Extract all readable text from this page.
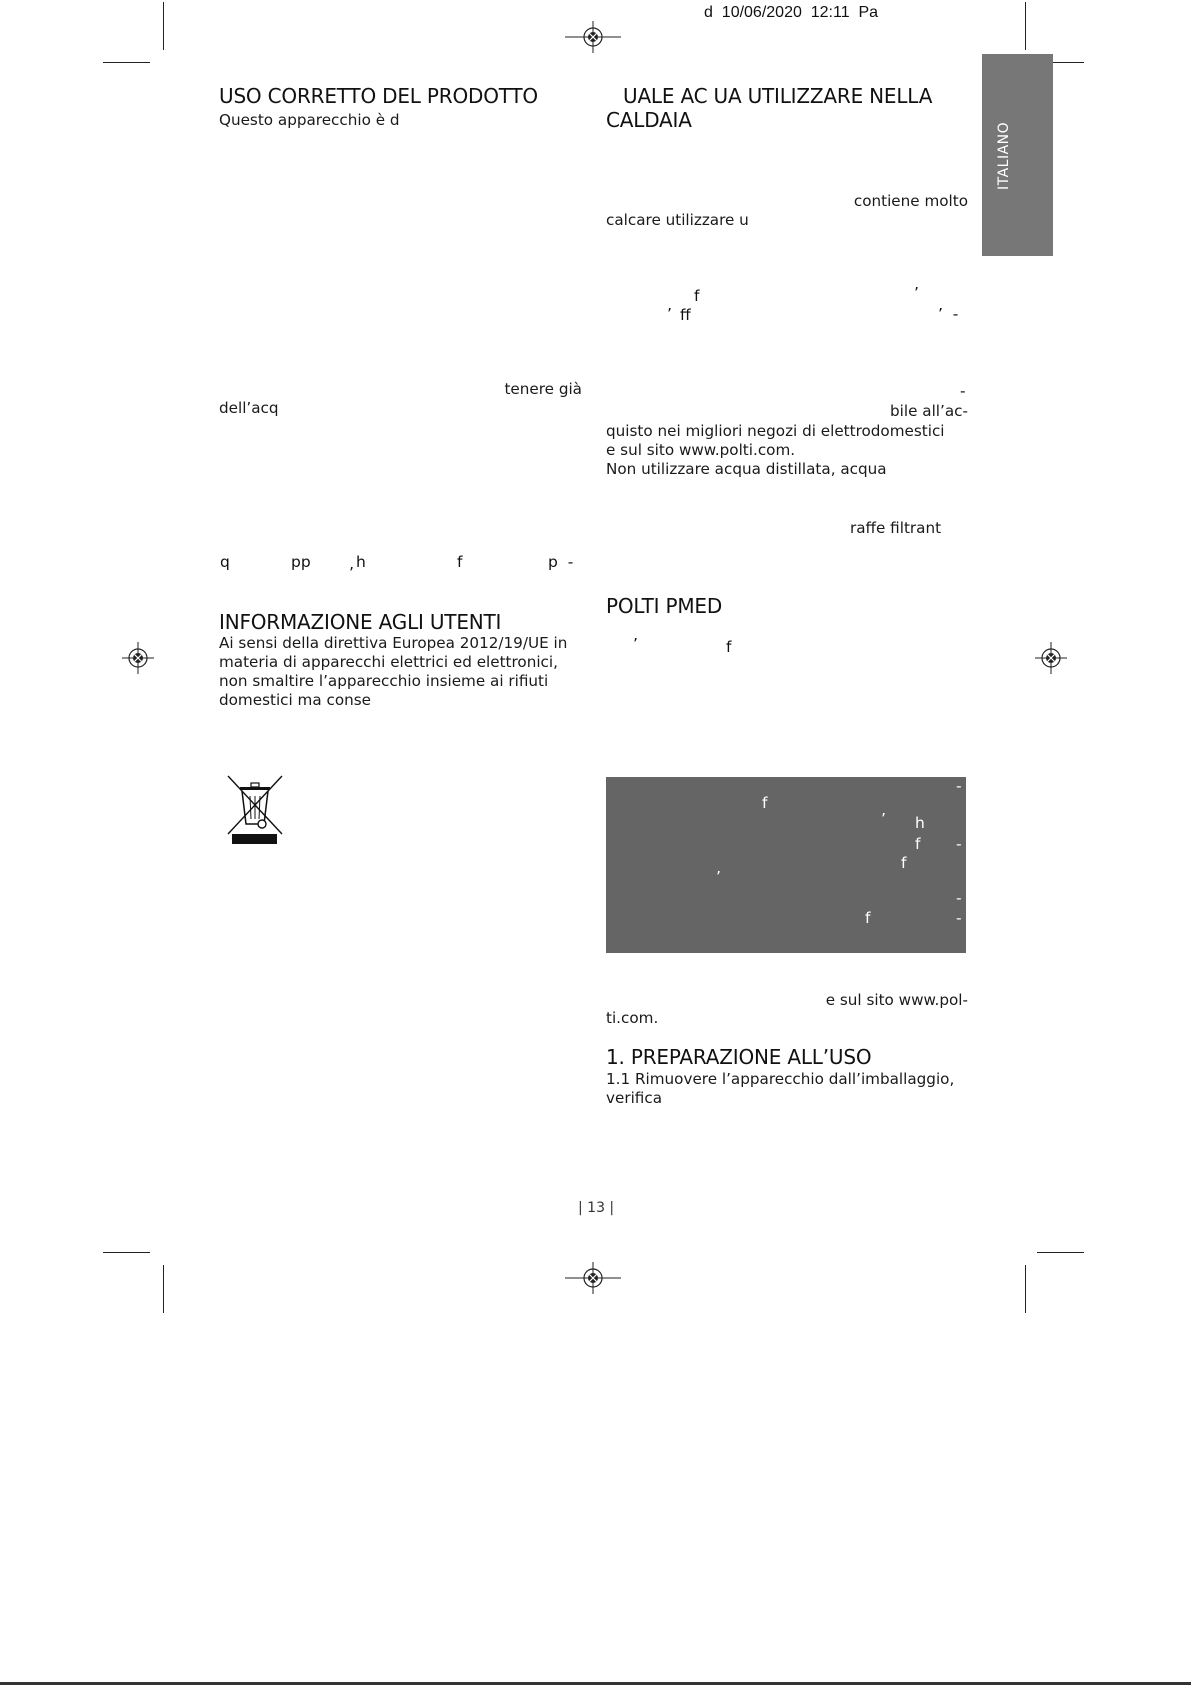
d  10/06/2020  12:11  Pa
ITALIANO
USO CORRETTO DEL PRODOTTO
Questo apparecchio è d
tenere già
dell’acq
q	pp	h
’
f	p  -
INFORMAZIONE AGLI UTENTI
Ai sensi della direttiva Europea 2012/19/UE in
materia di apparecchi elettrici ed elettronici,
non smaltire l’apparecchio insieme ai rifiuti
domestici ma conse
UALE AC UA UTILIZZARE NELLA
CALDAIA
contiene molto
calcare utilizzare u
f	’
’ ff	’  -
-
bile all’ac-
quisto nei migliori negozi di elettrodomestici
e sul sito www.polti.com.
Non utilizzare acqua distillata, acqua
raffe filtrant
POLTI PMED
’	f
-
f
’ h
f -
f
’
-
f	-
e sul sito www.pol-
ti.com.
1. PREPARAZIONE ALL’USO
1.1 Rimuovere l’apparecchio dall’imballaggio,
verifica
| 13 |
